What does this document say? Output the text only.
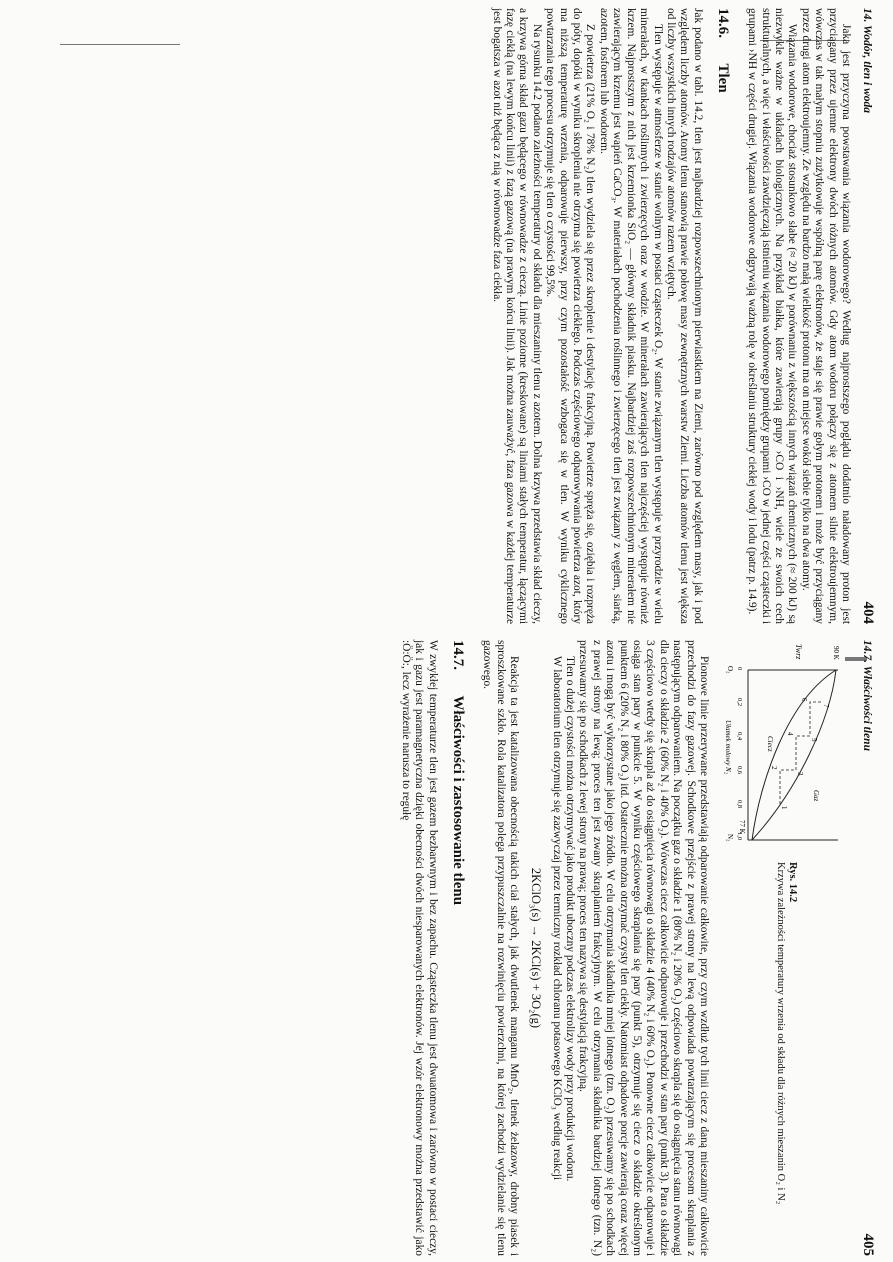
14. Wodór, tlen i woda
404

Jaka jest przyczyna powstawania wiązania wodorowego? Według najprostszego poglądu dodatnio naładowany proton jest przyciągany przez ujemne elektrony dwóch różnych atomów. Gdy atom wodoru połączy się z atomem silnie elektroujemnym, wówczas w tak małym stopniu zużytkowuje wspólną parę elektronów, że staje się prawie gołym protonem i może być przyciągany przez drugi atom elektroujemny. Ze względu na bardzo małą wielkość protonu ma on miejsce wokół siebie tylko na dwa atomy.

Wiązania wodorowe, chociaż stosunkowo słabe (≈ 20 kJ) w porównaniu z większością innych wiązań chemicznych (≈ 200 kJ) są niezwykle ważne w układach biologicznych. Na przykład białka, które zawierają grupy ›CO i ›NH, wiele ze swoich cech strukturalnych, a więc i właściwości zawdzięczają istnieniu wiązania wodorowego pomiędzy grupami ›CO w jednej części cząsteczki i grupami ›NH w części drugiej. Wiązania wodorowe odgrywają ważną rolę w określaniu struktury ciekłej wody i lodu (patrz p. 14.9).

14.6. Tlen

Jak podano w tabl. 14.2, tlen jest najbardziej rozpowszechnionym pierwiastkiem na Ziemi, zarówno pod względem masy, jak i pod względem liczby atomów. Atomy tlenu stanowią prawie połowę masy zewnętrznych warstw Ziemi. Liczba atomów tlenu jest większa od liczby wszystkich innych rodzajów atomów razem wziętych.

Tlen występuje w atmosferze w stanie wolnym w postaci cząsteczek O₂. W stanie związanym tlen występuje w przyrodzie w wielu minerałach, w tkankach roślinnych i zwierzęcych oraz w wodzie. W minerałach zawierających tlen najczęściej występuje również krzem. Najprostszym z nich jest krzemionka SiO₂ — główny składnik piasku. Najbardziej zaś rozpowszechnionym minerałem nie zawierającym krzemu jest wapień CaCO₃. W materiałach pochodzenia roślinnego i zwierzęcego tlen jest związany z węglem, siarką, azotem, fosforem lub wodorem.

Z powietrza (21% O₂ i 78% N₂) tlen wydziela się przez skroplenie i destylację frakcyjną. Powietrze spręża się, oziębia i rozpręża do póty, dopóki w wyniku skroplenia nie otrzyma się powietrza ciekłego. Podczas częściowego odparowywania powietrza azot, który ma niższą temperaturę wrzenia, odparowuje pierwszy, przy czym pozostałość wzbogaca się w tlen. W wyniku cyklicznego powtarzania tego procesu otrzymuje się tlen o czystości 99,5%.

Na rysunku 14.2 podano zależności temperatury od składu dla mieszaniny tlenu z azotem. Dolna krzywa przedstawia skład cieczy, a krzywa górna skład gazu będącego w równowadze z cieczą. Linie poziome (kreskowane) są liniami stałych temperatur, łączącymi fazę ciekłą (na lewym końcu linii) z fazą gazową (na prawym końcu linii). Jak można zauważyć, faza gazowa w każdej temperaturze jest bogatsza w azot niż będąca z nią w równowadze faza ciekła.

14.7. Właściwości tlenu
405
Twrz	90 K
77 K
1
2
3
4
5
6
7
Gaz
Ciecz
0
0,2
0,4
0,6
0,8
1,0
O₂
N₂
Ułamek molowy N₂
Rys. 14.2
Krzywa zależności temperatury wrzenia od składu dla różnych mieszanin O₂ i N₂

Pionowe linie przerywane przedstawiają odparowanie całkowite, przy czym wzdłuż tych linii ciecz z daną mieszaniny całkowicie przechodzi do fazy gazowej. Schodkowe przejście z prawej strony na lewą odpowiada powtarzającym się procesom skraplania z następującym odparowaniem. Na początku gaz o składzie 1 (80% N₂ i 20% O₂) częściowo skrapla się do osiągnięcia stanu równowagi dla cieczy o składzie 2 (60% N₂ i 40% O₂). Wówczas ciecz całkowicie odparowuje i przechodzi w stan pary (punkt 3). Para o składzie 3 częściowo wtedy się skrapla aż do osiągnięcia równowagi o składzie 4 (40% N₂ i 60% O₂). Ponowne ciecz całkowicie odparowuje i osiąga stan pary w punkcie 5. W wyniku częściowego skraplania się pary (punkt 5), otrzymuje się ciecz o składzie określonym punktem 6 (20% N₂ i 80% O₂) itd. Ostatecznie można otrzymać czysty tlen ciekły. Natomiast odpadowe porcje zawierają coraz więcej azotu i mogą być wykorzystane jako jego źródło. W celu otrzymania składnika mniej lotnego (tzn. O₂) przesuwamy się po schodkach z prawej strony na lewą; proces ten jest zwany skraplaniem frakcyjnym. W celu otrzymania składnika bardziej lotnego (tzn. N₂) przesuwamy się po schodkach z lewej strony na prawą; proces ten nazywa się destylacją frakcyjną.

Tlen o dużej czystości można otrzymywać jako produkt uboczny podczas elektrolizy wody przy produkcji wodoru.

W laboratorium tlen otrzymuje się zazwyczaj przez termiczny rozkład chloranu potasowego KClO₃ według reakcji

2KClO₃(s) → 2KCl(s) + 3O₂(g)

Reakcja ta jest katalizowana obecnością takich ciał stałych, jak dwutlenek manganu MnO₂, tlenek żelazowy, drobny piasek i sproszkowane szkło. Rola katalizatora polega przypuszczalnie na rozwinięciu powierzchni, na której zachodzi wydzielanie się tlenu gazowego.

14.7. Właściwości i zastosowanie tlenu

W zwykłej temperaturze tlen jest gazem bezbarwnym i bez zapachu. Cząsteczka tlenu jest dwuatomowa i zarówno w postaci cieczy, jak i gazu jest paramagnetyczna dzięki obecności dwóch niesparowanych elektronów. Jej wzór elektronowy można przedstawić jako :Ö:Ö:, lecz wyrażenie narusza to regułę
